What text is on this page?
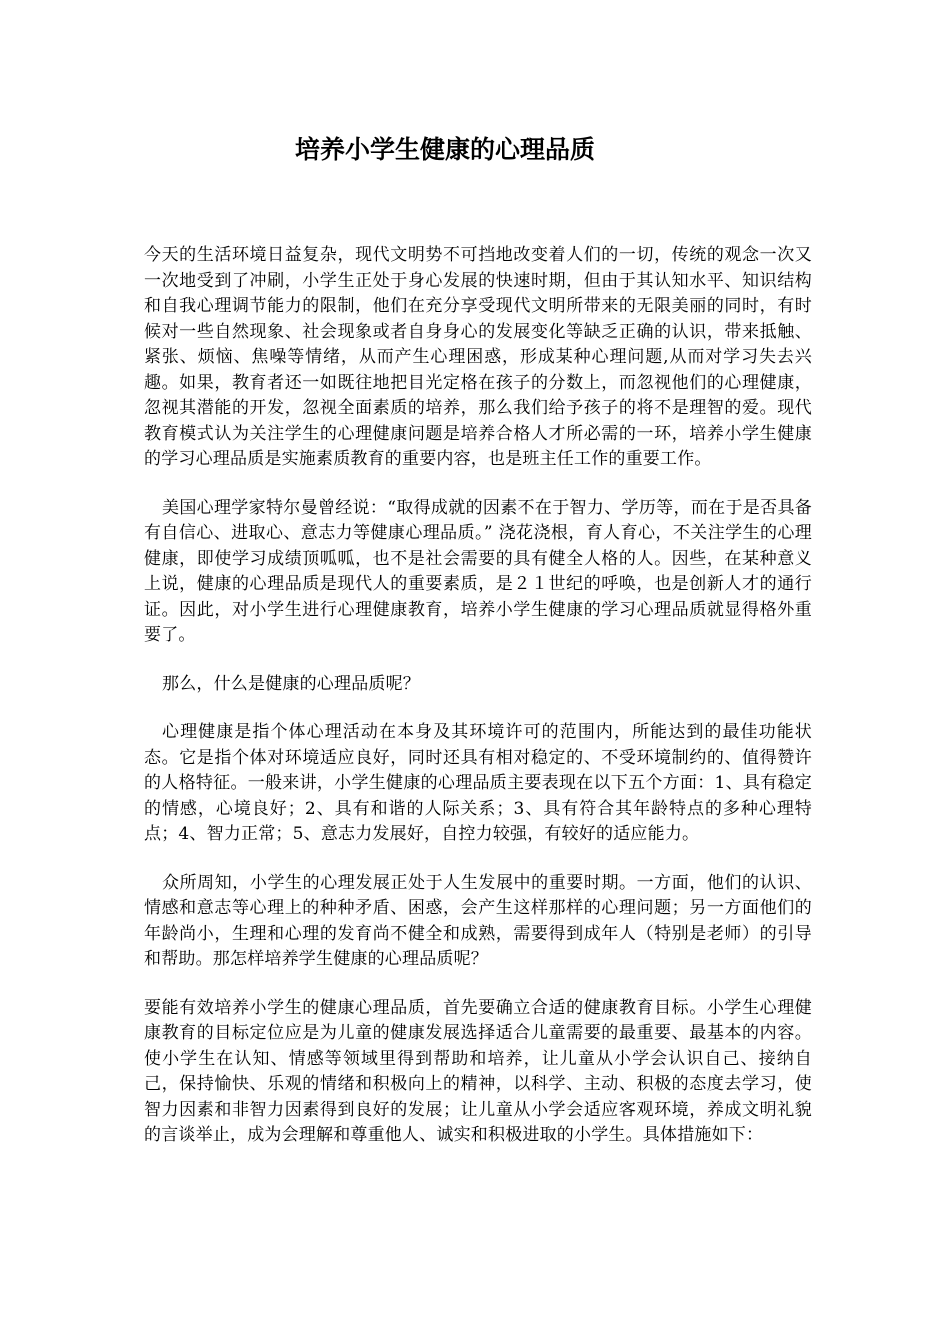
培养小学生健康的心理品质

今天的生活环境日益复杂，现代文明势不可挡地改变着人们的一切，传统的观念一次又一次地受到了冲刷，小学生正处于身心发展的快速时期，但由于其认知水平、知识结构和自我心理调节能力的限制，他们在充分享受现代文明所带来的无限美丽的同时，有时候对一些自然现象、社会现象或者自身身心的发展变化等缺乏正确的认识，带来抵触、紧张、烦恼、焦噪等情绪，从而产生心理困惑，形成某种心理问题,从而对学习失去兴趣。如果，教育者还一如既往地把目光定格在孩子的分数上，而忽视他们的心理健康，忽视其潜能的开发，忽视全面素质的培养，那么我们给予孩子的将不是理智的爱。现代教育模式认为关注学生的心理健康问题是培养合格人才所必需的一环，培养小学生健康的学习心理品质是实施素质教育的重要内容，也是班主任工作的重要工作。

美国心理学家特尔曼曾经说：“取得成就的因素不在于智力、学历等，而在于是否具备有自信心、进取心、意志力等健康心理品质。” 浇花浇根，育人育心，不关注学生的心理健康，即使学习成绩顶呱呱，也不是社会需要的具有健全人格的人。因些，在某种意义上说，健康的心理品质是现代人的重要素质，是２１世纪的呼唤，也是创新人才的通行证。因此，对小学生进行心理健康教育，培养小学生健康的学习心理品质就显得格外重要了。

那么，什么是健康的心理品质呢？

心理健康是指个体心理活动在本身及其环境许可的范围内，所能达到的最佳功能状态。它是指个体对环境适应良好，同时还具有相对稳定的、不受环境制约的、值得赞许的人格特征。一般来讲，小学生健康的心理品质主要表现在以下五个方面：1、具有稳定的情感，心境良好；2、具有和谐的人际关系；3、具有符合其年龄特点的多种心理特点；4、智力正常；5、意志力发展好，自控力较强，有较好的适应能力。

众所周知，小学生的心理发展正处于人生发展中的重要时期。一方面，他们的认识、情感和意志等心理上的种种矛盾、困惑，会产生这样那样的心理问题；另一方面他们的年龄尚小，生理和心理的发育尚不健全和成熟，需要得到成年人（特别是老师）的引导和帮助。那怎样培养学生健康的心理品质呢？

要能有效培养小学生的健康心理品质，首先要确立合适的健康教育目标。小学生心理健康教育的目标定位应是为儿童的健康发展选择适合儿童需要的最重要、最基本的内容。使小学生在认知、情感等领域里得到帮助和培养，让儿童从小学会认识自己、接纳自己，保持愉快、乐观的情绪和积极向上的精神，以科学、主动、积极的态度去学习，使智力因素和非智力因素得到良好的发展；让儿童从小学会适应客观环境，养成文明礼貌的言谈举止，成为会理解和尊重他人、诚实和积极进取的小学生。具体措施如下：
